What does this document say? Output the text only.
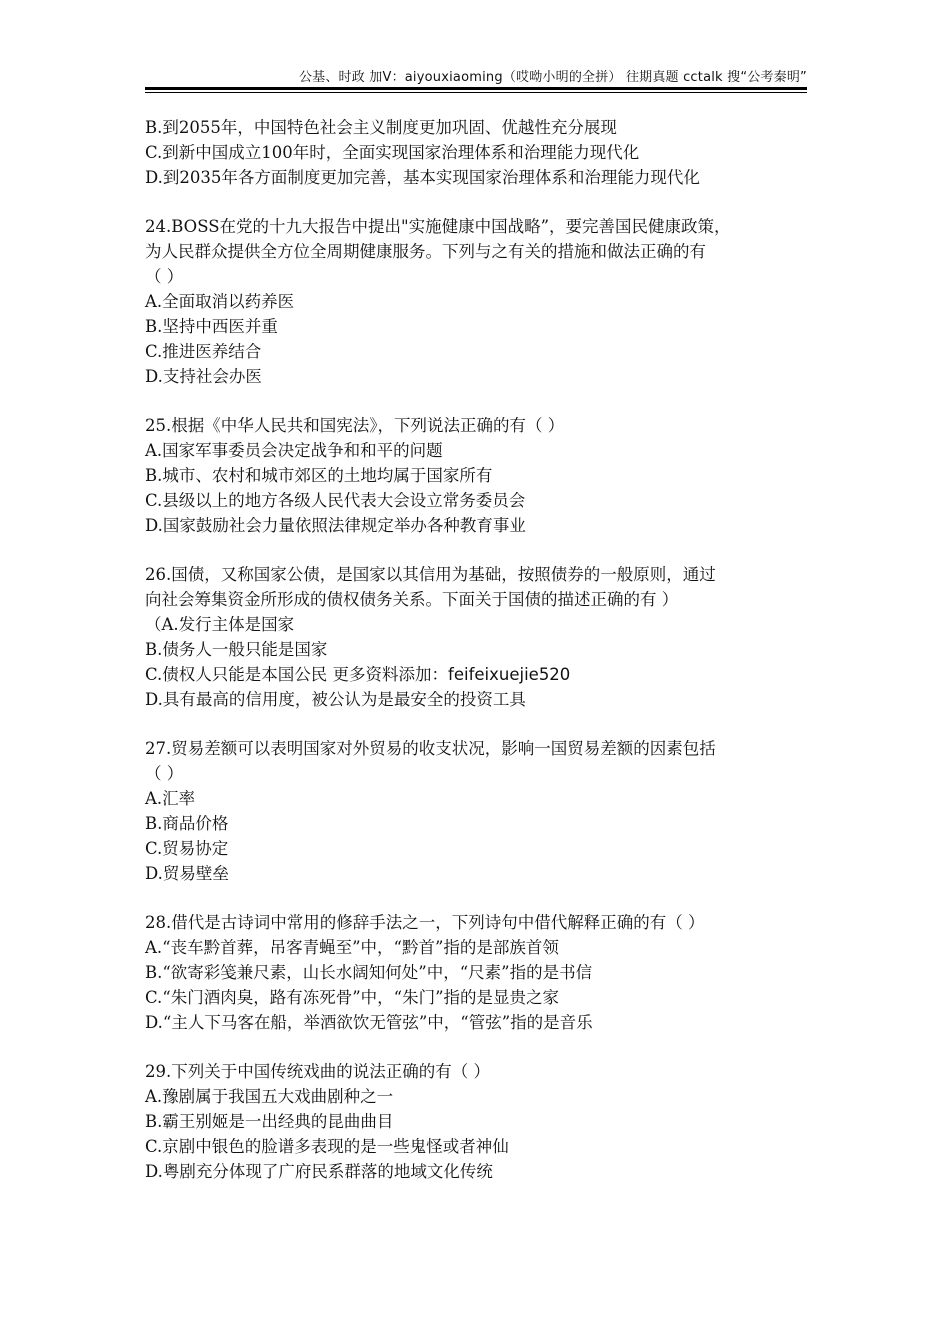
公基、时政 加V：aiyouxiaoming（哎呦小明的全拼） 往期真题 cctalk 搜“公考秦明”
B.到2055年，中国特色社会主义制度更加巩固、优越性充分展现
C.到新中国成立100年时，全面实现国家治理体系和治理能力现代化
D.到2035年各方面制度更加完善，基本实现国家治理体系和治理能力现代化
24.BOSS在党的十九大报告中提出"实施健康中国战略”，要完善国民健康政策，
为人民群众提供全方位全周期健康服务。下列与之有关的措施和做法正确的有
（ ）
A.全面取消以药养医
B.坚持中西医并重
C.推进医养结合
D.支持社会办医
25.根据《中华人民共和国宪法》，下列说法正确的有（ ）
A.国家军事委员会决定战争和和平的问题
B.城市、农村和城市郊区的土地均属于国家所有
C.县级以上的地方各级人民代表大会设立常务委员会
D.国家鼓励社会力量依照法律规定举办各种教育事业
26.国债，又称国家公债，是国家以其信用为基础，按照债券的一般原则，通过
向社会筹集资金所形成的债权债务关系。下面关于国债的描述正确的有 ）
（A.发行主体是国家
B.债务人一般只能是国家
C.债权人只能是本国公民 更多资料添加：feifeixuejie520
D.具有最高的信用度，被公认为是最安全的投资工具
27.贸易差额可以表明国家对外贸易的收支状况，影响一国贸易差额的因素包括
（ ）
A.汇率
B.商品价格
C.贸易协定
D.贸易壁垒
28.借代是古诗词中常用的修辞手法之一，下列诗句中借代解释正确的有（ ）
A.“丧车黔首葬，吊客青蝇至”中，“黔首”指的是部族首领
B.“欲寄彩笺兼尺素，山长水阔知何处”中，“尺素”指的是书信
C.“朱门酒肉臭，路有冻死骨”中，“朱门”指的是显贵之家
D.“主人下马客在船，举酒欲饮无管弦”中，“管弦”指的是音乐
29.下列关于中国传统戏曲的说法正确的有（ ）
A.豫剧属于我国五大戏曲剧种之一
B.霸王别姬是一出经典的昆曲曲目
C.京剧中银色的脸谱多表现的是一些鬼怪或者神仙
D.粤剧充分体现了广府民系群落的地域文化传统
